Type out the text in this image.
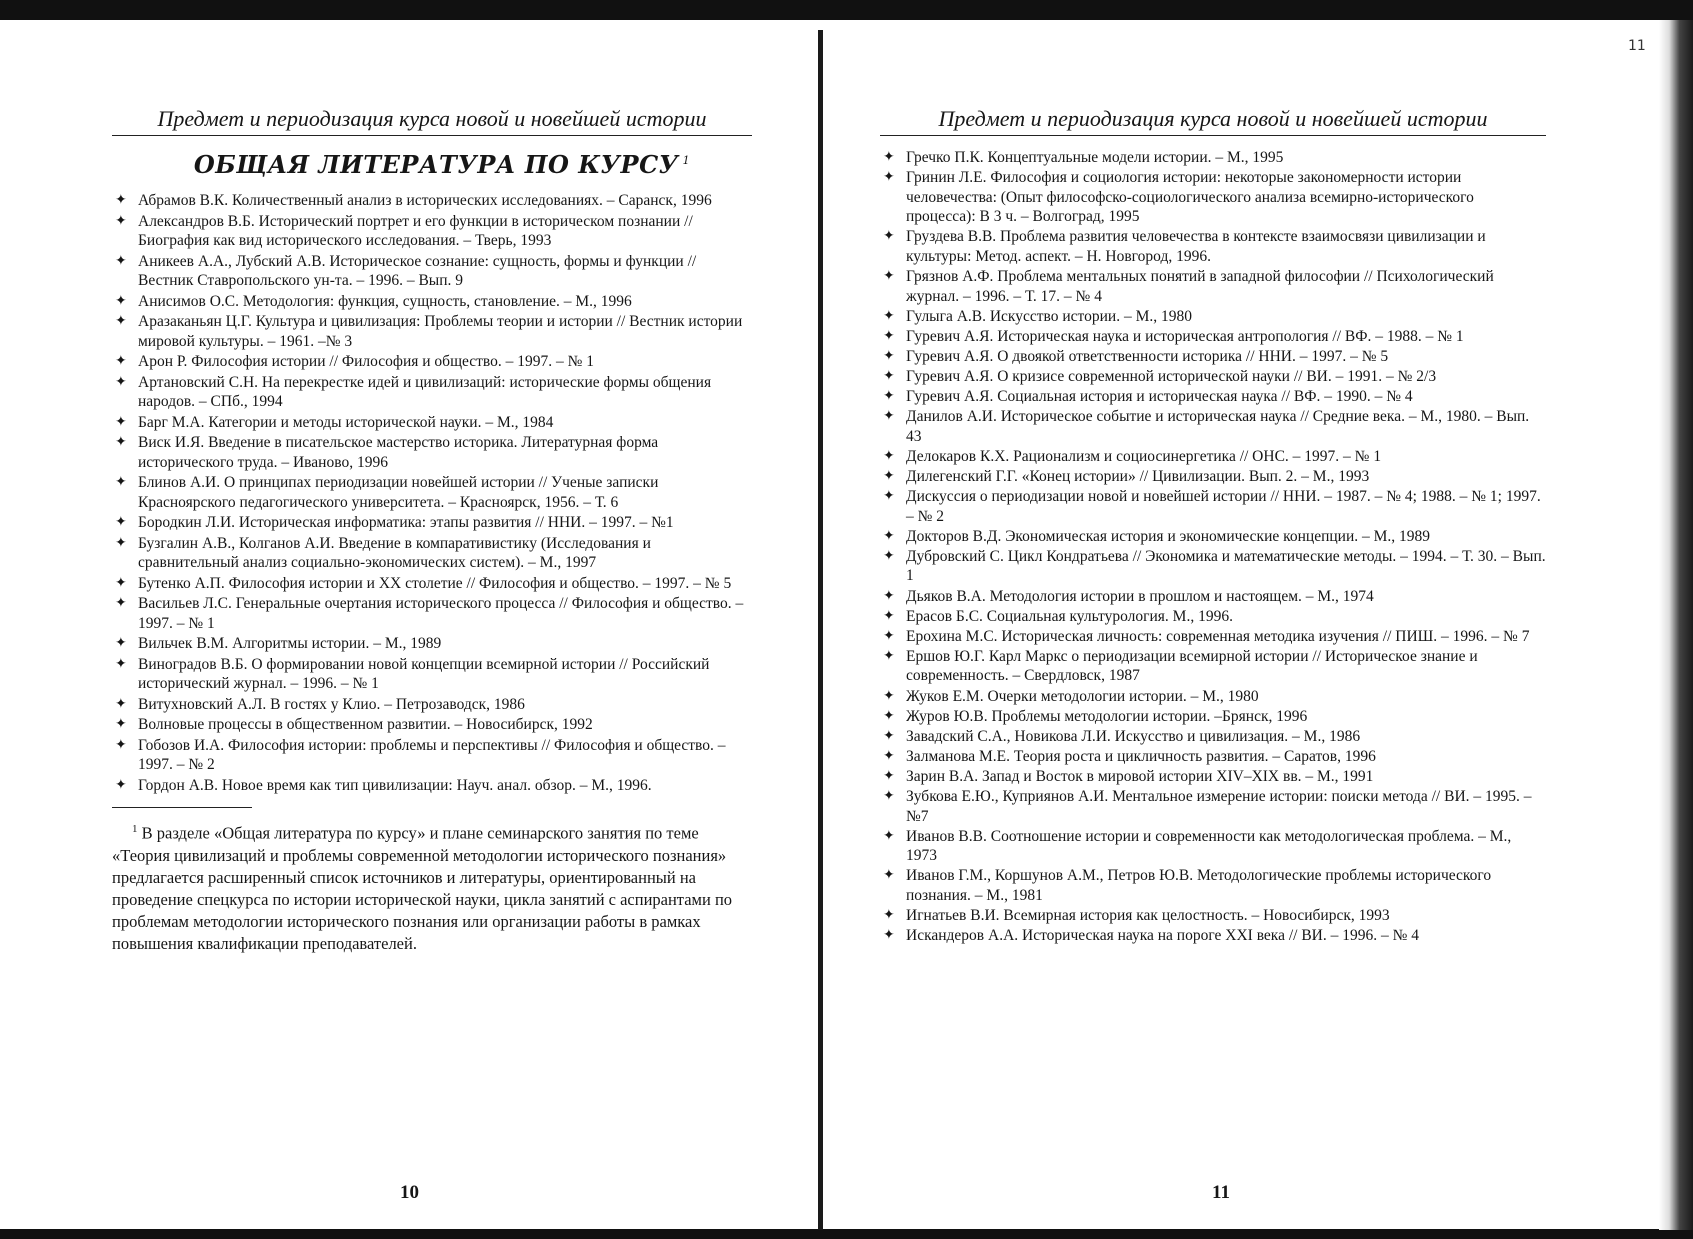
11
Предмет и периодизация курса новой и новейшей истории
ОБЩАЯ ЛИТЕРАТУРА ПО КУРСУ $^1$
✦ Абрамов В.К. Количественный анализ в исторических исследованиях. – Саранск, 1996
✦ Александров В.Б. Исторический портрет и его функции в историческом познании // Биография как вид исторического исследования. – Тверь, 1993
✦ Аникеев А.А., Лубский А.В. Историческое сознание: сущность, формы и функции // Вестник Ставропольского ун-та. – 1996. – Вып. 9
✦ Анисимов О.С. Методология: функция, сущность, становление. – М., 1996
✦ Аразаканьян Ц.Г. Культура и цивилизация: Проблемы теории и истории // Вестник истории мировой культуры. – 1961. –№ 3
✦ Арон Р. Философия истории // Философия и общество. – 1997. – № 1
✦ Артановский С.Н. На перекрестке идей и цивилизаций: исторические формы общения народов. – СПб., 1994
✦ Барг М.А. Категории и методы исторической науки. – М., 1984
✦ Виск И.Я. Введение в писательское мастерство историка. Литературная форма исторического труда. – Иваново, 1996
✦ Блинов А.И. О принципах периодизации новейшей истории // Ученые записки Красноярского педагогического университета. – Красноярск, 1956. – Т. 6
✦ Бородкин Л.И. Историческая информатика: этапы развития // ННИ. – 1997. – №1
✦ Бузгалин А.В., Колганов А.И. Введение в компаративистику (Исследования и сравнительный анализ социально-экономических систем). – М., 1997
✦ Бутенко А.П. Философия истории и XX столетие // Философия и общество. – 1997. – № 5
✦ Васильев Л.С. Генеральные очертания исторического процесса // Философия и общество. – 1997. – № 1
✦ Вильчек В.М. Алгоритмы истории. – М., 1989
✦ Виноградов В.Б. О формировании новой концепции всемирной истории // Российский исторический журнал. – 1996. – № 1
✦ Витухновский А.Л. В гостях у Клио. – Петрозаводск, 1986
✦ Волновые процессы в общественном развитии. – Новосибирск, 1992
✦ Гобозов И.А. Философия истории: проблемы и перспективы // Философия и общество. – 1997. – № 2
✦ Гордон А.В. Новое время как тип цивилизации: Науч. анал. обзор. – М., 1996.

$^1$ В разделе «Общая литература по курсу» и плане семинарского занятия по теме «Теория цивилизаций и проблемы современной методологии исторического познания» предлагается расширенный список источников и литературы, ориентированный на проведение спецкурса по истории исторической науки, цикла занятий с аспирантами по проблемам методологии исторического познания или организации работы в рамках повышения квалификации преподавателей.

10
Предмет и периодизация курса новой и новейшей истории
✦ Гречко П.К. Концептуальные модели истории. – М., 1995
✦ Гринин Л.Е. Философия и социология истории: некоторые закономерности истории человечества: (Опыт философско-социологического анализа всемирно-исторического процесса): В 3 ч. – Волгоград, 1995
✦ Груздева В.В. Проблема развития человечества в контексте взаимосвязи цивилизации и культуры: Метод. аспект. – Н. Новгород, 1996.
✦ Грязнов А.Ф. Проблема ментальных понятий в западной философии // Психологический журнал. – 1996. – Т. 17. – № 4
✦ Гулыга А.В. Искусство истории. – М., 1980
✦ Гуревич А.Я. Историческая наука и историческая антропология // ВФ. – 1988. – № 1
✦ Гуревич А.Я. О двоякой ответственности историка // ННИ. – 1997. – № 5
✦ Гуревич А.Я. О кризисе современной исторической науки // ВИ. – 1991. – № 2/3
✦ Гуревич А.Я. Социальная история и историческая наука // ВФ. – 1990. – № 4
✦ Данилов А.И. Историческое событие и историческая наука // Средние века. – М., 1980. – Вып. 43
✦ Делокаров К.Х. Рационализм и социосинергетика // ОНС. – 1997. – № 1
✦ Дилегенский Г.Г. «Конец истории» // Цивилизации. Вып. 2. – М., 1993
✦ Дискуссия о периодизации новой и новейшей истории // ННИ. – 1987. – № 4; 1988. – № 1; 1997. – № 2
✦ Докторов В.Д. Экономическая история и экономические концепции. – М., 1989
✦ Дубровский С. Цикл Кондратьева // Экономика и математические методы. – 1994. – Т. 30. – Вып. 1
✦ Дьяков В.А. Методология истории в прошлом и настоящем. – М., 1974
✦ Ерасов Б.С. Социальная культурология. М., 1996.
✦ Ерохина М.С. Историческая личность: современная методика изучения // ПИШ. – 1996. – № 7
✦ Ершов Ю.Г. Карл Маркс о периодизации всемирной истории // Историческое знание и современность. – Свердловск, 1987
✦ Жуков Е.М. Очерки методологии истории. – М., 1980
✦ Журов Ю.В. Проблемы методологии истории. –Брянск, 1996
✦ Завадский С.А., Новикова Л.И. Искусство и цивилизация. – М., 1986
✦ Залманова М.Е. Теория роста и цикличность развития. – Саратов, 1996
✦ Зарин В.А. Запад и Восток в мировой истории XIV–XIX вв. – М., 1991
✦ Зубкова Е.Ю., Куприянов А.И. Ментальное измерение истории: поиски метода // ВИ. – 1995. – №7
✦ Иванов В.В. Соотношение истории и современности как методологическая проблема. – М., 1973
✦ Иванов Г.М., Коршунов А.М., Петров Ю.В. Методологические проблемы исторического познания. – М., 1981
✦ Игнатьев В.И. Всемирная история как целостность. – Новосибирск, 1993
✦ Искандеров А.А. Историческая наука на пороге XXI века // ВИ. – 1996. – № 4
11
